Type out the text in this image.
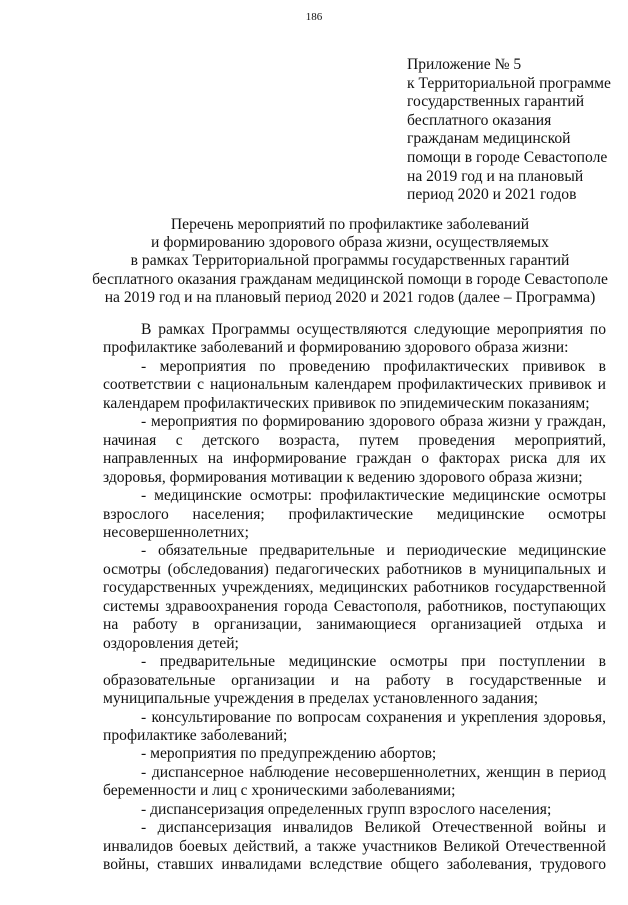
186
Приложение № 5
к Территориальной программе
государственных гарантий
бесплатного оказания
гражданам медицинской
помощи в городе Севастополе
на 2019 год и на плановый
период 2020 и 2021 годов
Перечень мероприятий по профилактике заболеваний
и формированию здорового образа жизни, осуществляемых
в рамках Территориальной программы государственных гарантий
бесплатного оказания гражданам медицинской помощи в городе Севастополе
на 2019 год и на плановый период 2020 и 2021 годов (далее – Программа)

В рамках Программы осуществляются следующие мероприятия по профилактике заболеваний и формированию здорового образа жизни:

- мероприятия по проведению профилактических прививок в соответствии с национальным календарем профилактических прививок и календарем профилактических прививок по эпидемическим показаниям;

- мероприятия по формированию здорового образа жизни у граждан, начиная с детского возраста, путем проведения мероприятий, направленных на информирование граждан о факторах риска для их здоровья, формирования мотивации к ведению здорового образа жизни;

- медицинские осмотры: профилактические медицинские осмотры взрослого населения; профилактические медицинские осмотры несовершеннолетних;

- обязательные предварительные и периодические медицинские осмотры (обследования) педагогических работников в муниципальных и государственных учреждениях, медицинских работников государственной системы здравоохранения города Севастополя, работников, поступающих на работу в организации, занимающиеся организацией отдыха и оздоровления детей;

- предварительные медицинские осмотры при поступлении в образовательные организации и на работу в государственные и муниципальные учреждения в пределах установленного задания;

- консультирование по вопросам сохранения и укрепления здоровья, профилактике заболеваний;

- мероприятия по предупреждению абортов;

- диспансерное наблюдение несовершеннолетних, женщин в период беременности и лиц с хроническими заболеваниями;

- диспансеризация определенных групп взрослого населения;

- диспансеризация инвалидов Великой Отечественной войны и инвалидов боевых действий, а также участников Великой Отечественной войны, ставших инвалидами вследствие общего заболевания, трудового
